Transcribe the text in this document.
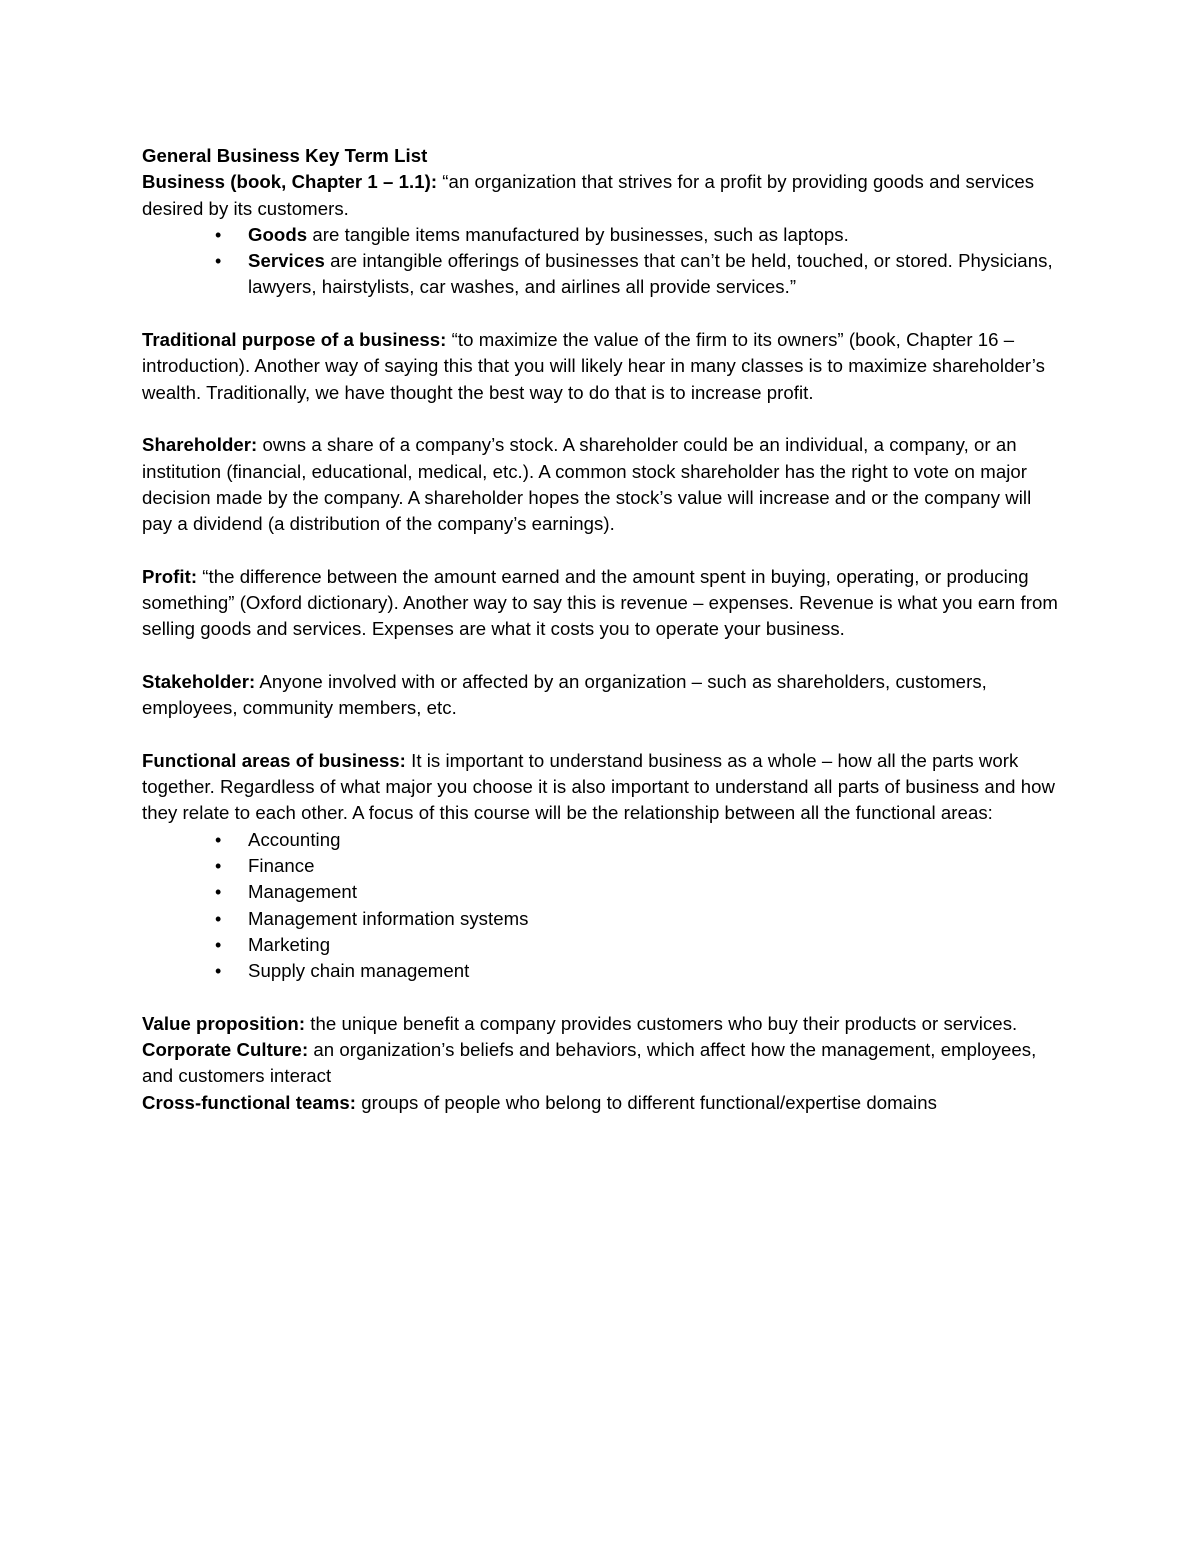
General Business Key Term List

Business (book, Chapter 1 – 1.1): “an organization that strives for a profit by providing goods and services desired by its customers.

• Goods are tangible items manufactured by businesses, such as laptops.
• Services are intangible offerings of businesses that can’t be held, touched, or stored. Physicians, lawyers, hairstylists, car washes, and airlines all provide services.”

Traditional purpose of a business: “to maximize the value of the firm to its owners” (book, Chapter 16 – introduction). Another way of saying this that you will likely hear in many classes is to maximize shareholder’s wealth. Traditionally, we have thought the best way to do that is to increase profit.

Shareholder: owns a share of a company’s stock. A shareholder could be an individual, a company, or an institution (financial, educational, medical, etc.). A common stock shareholder has the right to vote on major decision made by the company. A shareholder hopes the stock’s value will increase and or the company will pay a dividend (a distribution of the company’s earnings).

Profit: “the difference between the amount earned and the amount spent in buying, operating, or producing something” (Oxford dictionary). Another way to say this is revenue – expenses. Revenue is what you earn from selling goods and services. Expenses are what it costs you to operate your business.

Stakeholder: Anyone involved with or affected by an organization – such as shareholders, customers, employees, community members, etc.

Functional areas of business: It is important to understand business as a whole – how all the parts work together. Regardless of what major you choose it is also important to understand all parts of business and how they relate to each other. A focus of this course will be the relationship between all the functional areas:

• Accounting
• Finance
• Management
• Management information systems
• Marketing
• Supply chain management

Value proposition: the unique benefit a company provides customers who buy their products or services.

Corporate Culture: an organization’s beliefs and behaviors, which affect how the management, employees, and customers interact

Cross-functional teams: groups of people who belong to different functional/expertise domains
